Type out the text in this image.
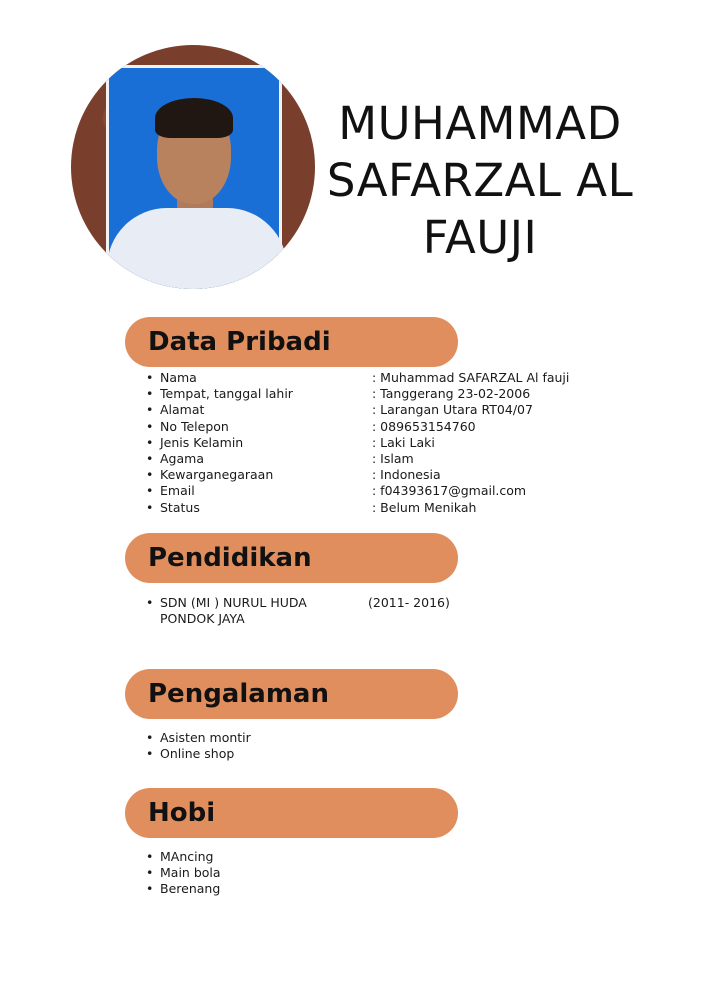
MUHAMMAD SAFARZAL AL FAUJI
Data Pribadi
• Nama	: Muhammad SAFARZAL Al fauji
• Tempat, tanggal lahir	: Tanggerang 23-02-2006
• Alamat	: Larangan Utara RT04/07
• No Telepon	: 089653154760
• Jenis Kelamin	: Laki Laki
• Agama	: Islam
• Kewarganegaraan	: Indonesia
• Email	: f04393617@gmail.com
• Status	: Belum Menikah
Pendidikan
• SDN (MI ) NURUL HUDA
PONDOK JAYA
(2011- 2016)
Pengalaman
• Asisten montir
• Online shop
Hobi
• MAncing
• Main bola
• Berenang
